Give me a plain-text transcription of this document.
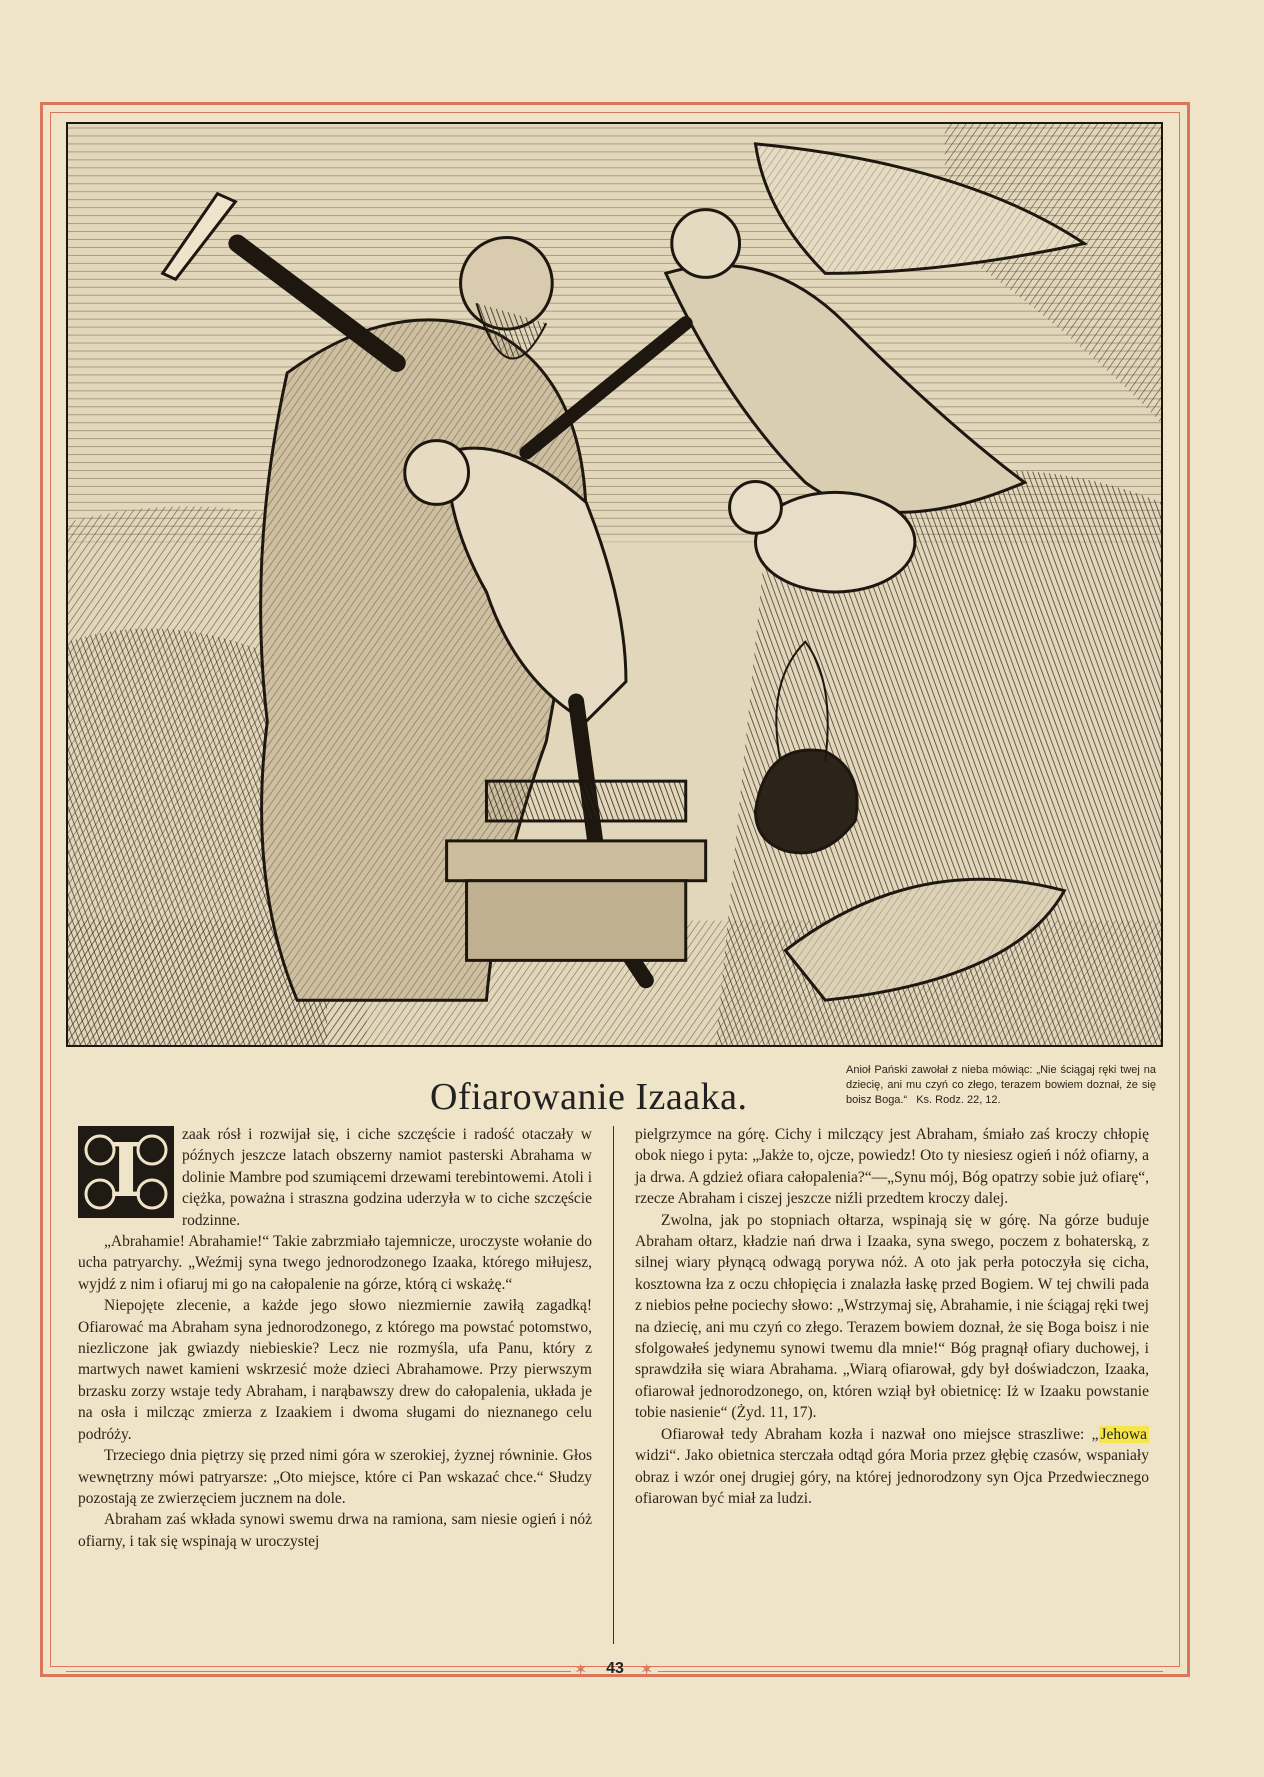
Ofiarowanie Izaaka.
Anioł Pański zawołał z nieba mówiąc: „Nie ściągaj ręki twej na dziecię, ani mu czyń co złego, terazem bowiem doznał, że się boisz Boga.“ Ks. Rodz. 22, 12.

I	zaak rósł i rozwijał się, i ciche szczęście i radość otaczały w późnych jeszcze latach obszerny namiot pasterski Abrahama w dolinie Mambre pod szumiącemi drzewami terebintowemi. Atoli i ciężka, poważna i straszna godzina uderzyła w to ciche szczęście rodzinne.

„Abrahamie! Abrahamie!“ Takie zabrzmiało tajemnicze, uroczyste wołanie do ucha patryarchy. „Weźmij syna twego jednorodzonego Izaaka, którego miłujesz, wyjdź z nim i ofiaruj mi go na całopalenie na górze, którą ci wskażę.“

Niepojęte zlecenie, a każde jego słowo niezmiernie zawiłą zagadką! Ofiarować ma Abraham syna jednorodzonego, z którego ma powstać potomstwo, niezliczone jak gwiazdy niebieskie? Lecz nie rozmyśla, ufa Panu, który z martwych nawet kamieni wskrzesić może dzieci Abrahamowe. Przy pierwszym brzasku zorzy wstaje tedy Abraham, i narąbawszy drew do całopalenia, układa je na osła i milcząc zmierza z Izaakiem i dwoma sługami do nieznanego celu podróży.

Trzeciego dnia piętrzy się przed nimi góra w szerokiej, żyznej równinie. Głos wewnętrzny mówi patryarsze: „Oto miejsce, które ci Pan wskazać chce.“ Słudzy pozostają ze zwierzęciem jucznem na dole.

Abraham zaś wkłada synowi swemu drwa na ramiona, sam niesie ogień i nóż ofiarny, i tak się wspinają w uroczystej

pielgrzymce na górę. Cichy i milczący jest Abraham, śmiało zaś kroczy chłopię obok niego i pyta: „Jakże to, ojcze, powiedz! Oto ty niesiesz ogień i nóż ofiarny, a ja drwa. A gdzież ofiara całopalenia?“—„Synu mój, Bóg opatrzy sobie już ofiarę“, rzecze Abraham i ciszej jeszcze niźli przedtem kroczy dalej.

Zwolna, jak po stopniach ołtarza, wspinają się w górę. Na górze buduje Abraham ołtarz, kładzie nań drwa i Izaaka, syna swego, poczem z bohaterską, z silnej wiary płynącą odwagą porywa nóż. A oto jak perła potoczyła się cicha, kosztowna łza z oczu chłopięcia i znalazła łaskę przed Bogiem. W tej chwili pada z niebios pełne pociechy słowo: „Wstrzymaj się, Abrahamie, i nie ściągaj ręki twej na dziecię, ani mu czyń co złego. Terazem bowiem doznał, że się Boga boisz i nie sfolgowałeś jedynemu synowi twemu dla mnie!“ Bóg pragnął ofiary duchowej, i sprawdziła się wiara Abrahama. „Wiarą ofiarował, gdy był doświadczon, Izaaka, ofiarował jednorodzonego, on, któren wziął był obietnicę: Iż w Izaaku powstanie tobie nasienie“ (Żyd. 11, 17).

Ofiarował tedy Abraham kozła i nazwał ono miejsce straszliwe: „ Jehowa widzi“. Jako obietnica sterczała odtąd góra Moria przez głębię czasów, wspaniały obraz i wzór onej drugiej góry, na której jednorodzony syn Ojca Przedwiecznego ofiarowan być miał za ludzi.

✶	43	✶
